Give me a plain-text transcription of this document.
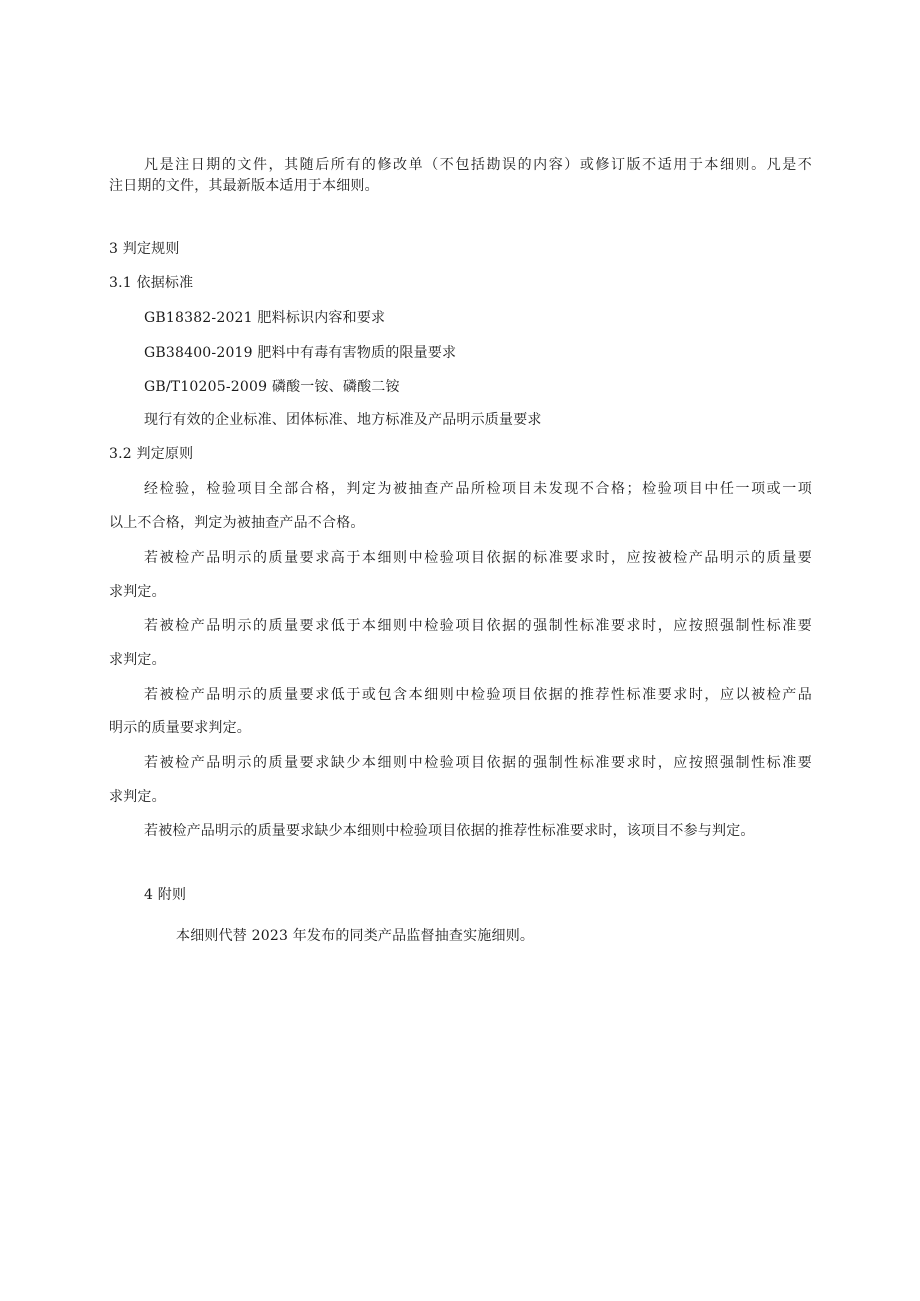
凡是注日期的文件，其随后所有的修改单（不包括勘误的内容）或修订版不适用于本细则。凡是不
注日期的文件，其最新版本适用于本细则。
3 判定规则
3.1 依据标准
GB18382-2021 肥料标识内容和要求
GB38400-2019 肥料中有毒有害物质的限量要求
GB/T10205-2009 磷酸一铵、磷酸二铵
现行有效的企业标准、团体标准、地方标准及产品明示质量要求
3.2 判定原则
经检验，检验项目全部合格，判定为被抽查产品所检项目未发现不合格；检验项目中任一项或一项
以上不合格，判定为被抽查产品不合格。
若被检产品明示的质量要求高于本细则中检验项目依据的标准要求时，应按被检产品明示的质量要
求判定。
若被检产品明示的质量要求低于本细则中检验项目依据的强制性标准要求时，应按照强制性标准要
求判定。
若被检产品明示的质量要求低于或包含本细则中检验项目依据的推荐性标准要求时，应以被检产品
明示的质量要求判定。
若被检产品明示的质量要求缺少本细则中检验项目依据的强制性标准要求时，应按照强制性标准要
求判定。
若被检产品明示的质量要求缺少本细则中检验项目依据的推荐性标准要求时，该项目不参与判定。
4 附则
本细则代替 2023 年发布的同类产品监督抽查实施细则。
